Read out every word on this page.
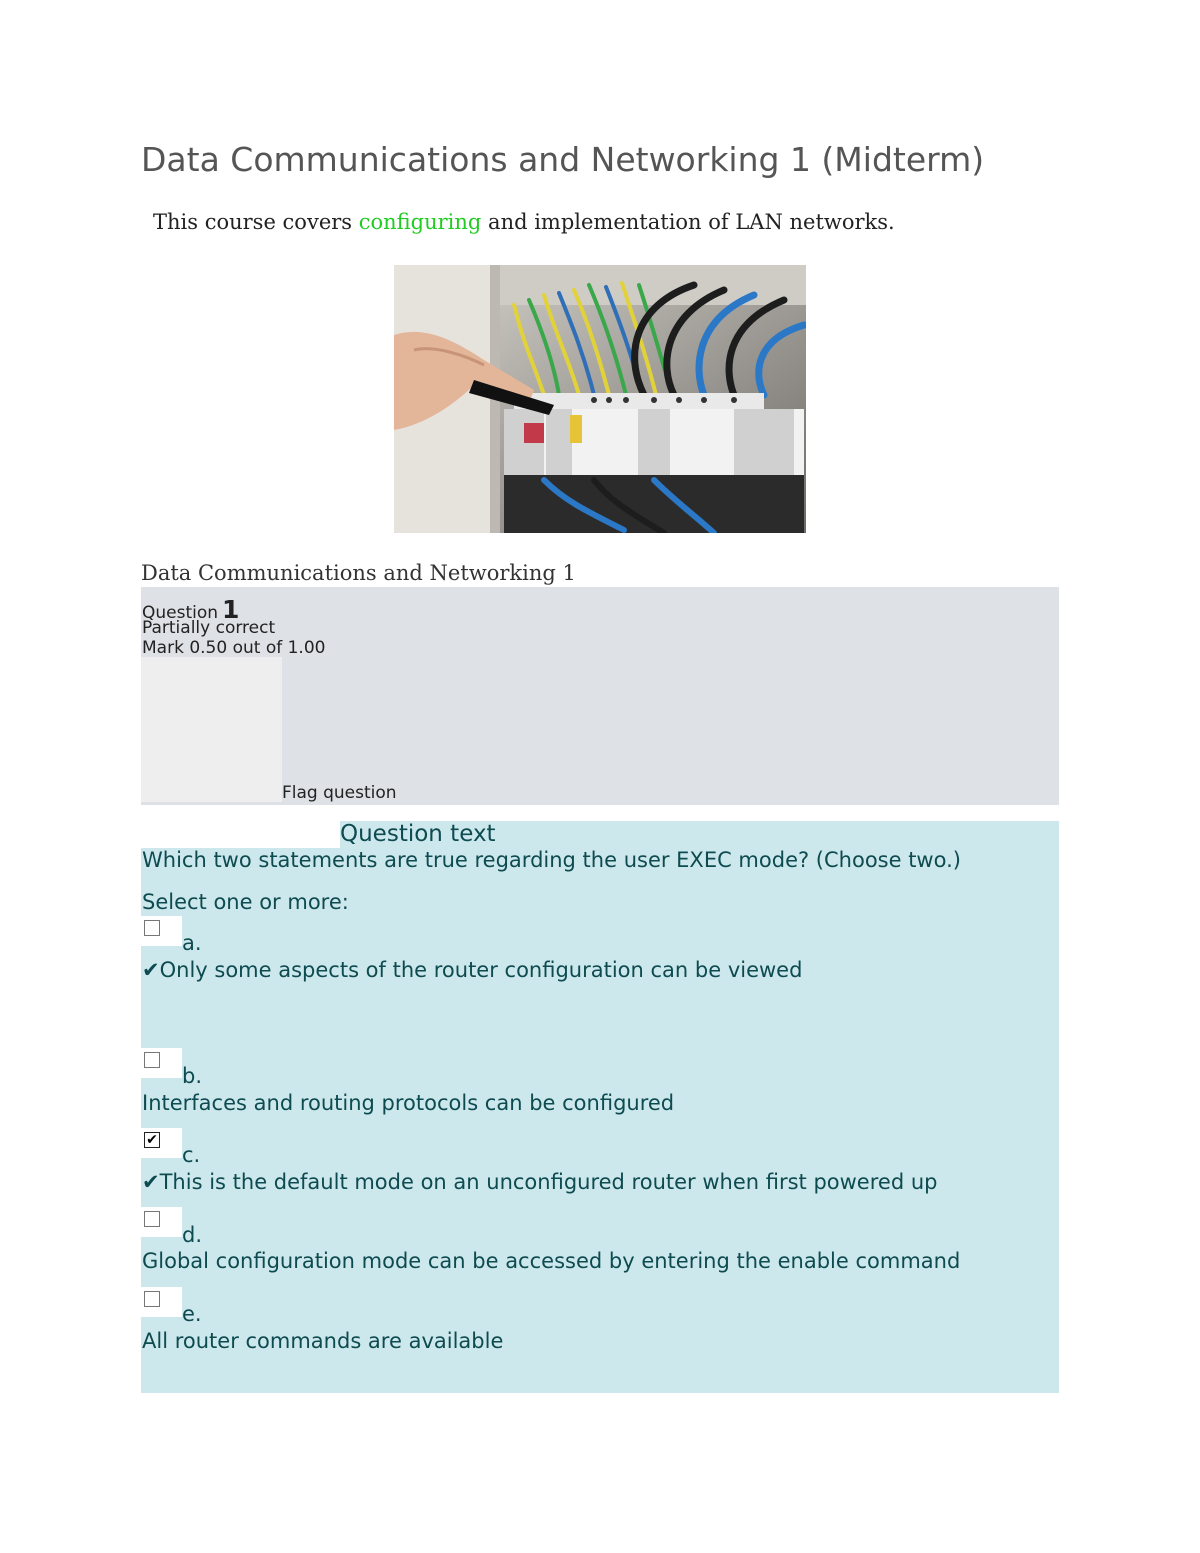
Data Communications and Networking 1 (Midterm)
This course covers configuring and implementation of LAN networks.
Data Communications and Networking 1
Question 1
Partially correct
Mark 0.50 out of 1.00
Flag question
Question text
Which two statements are true regarding the user EXEC mode? (Choose two.)
Select one or more:
a.
✔Only some aspects of the router configuration can be viewed
b.
Interfaces and routing protocols can be configured
✔
c.
✔This is the default mode on an unconfigured router when first powered up
d.
Global configuration mode can be accessed by entering the enable command
e.
All router commands are available
